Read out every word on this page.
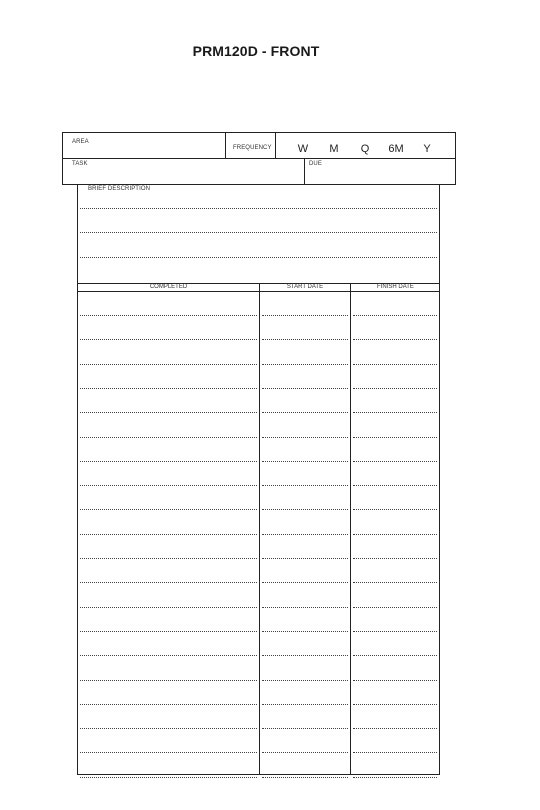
PRM120D - FRONT
AREA
FREQUENCY	W	M	Q	6M	Y
TASK	DUE
BRIEF DESCRIPTION
COMPLETED	START DATE	FINISH DATE
